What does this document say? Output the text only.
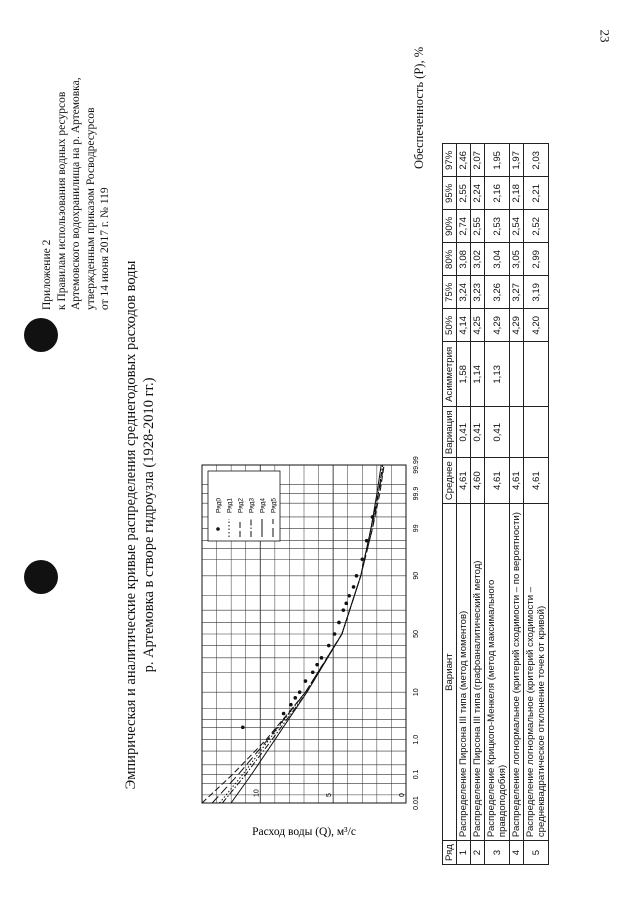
23
Приложение 2 к Правилам использования водных ресурсов Артемовского водохранилища на р. Артемовка, утвержденным приказом Росводресурсов от 14 июня 2017 г. № 119
Эмпирическая и аналитические кривые распределения среднегодовых расходов воды р. Артемовка в створе гидроузла (1928-2010 гг.)
0.01
0.1
1.0
10
50
90
99
99.9
99.99
0
5
10
Расход воды (Q), м³/с
Ряд0 Ряд1 Ряд2 Ряд3 Ряд4 Ряд5
Обеспеченность (P), %
Ряд	Вариант	Среднее	Вариация	Асимметрия	50%	75%	80%	90%	95%	97%
1	Распределение Пирсона III типа (метод моментов)	4,61	0,41	1,58	4,14	3,24	3,08	2,74	2,55	2,46
2	Распределение Пирсона III типа (графоаналитический метод)	4,60	0,41	1,14	4,25	3,23	3,02	2,55	2,24	2,07
3	Распределение Крицкого-Менкеля (метод максимального правдоподобия)	4,61	0,41	1,13	4,29	3,26	3,04	2,53	2,16	1,95
4	Распределение логнормальное (критерий сходимости – по вероятности)	4,61			4,29	3,27	3,05	2,54	2,18	1,97
5	Распределение логнормальное (критерий сходимости – среднеквадратическое отклонение точек от кривой)	4,61			4,20	3,19	2,99	2,52	2,21	2,03
